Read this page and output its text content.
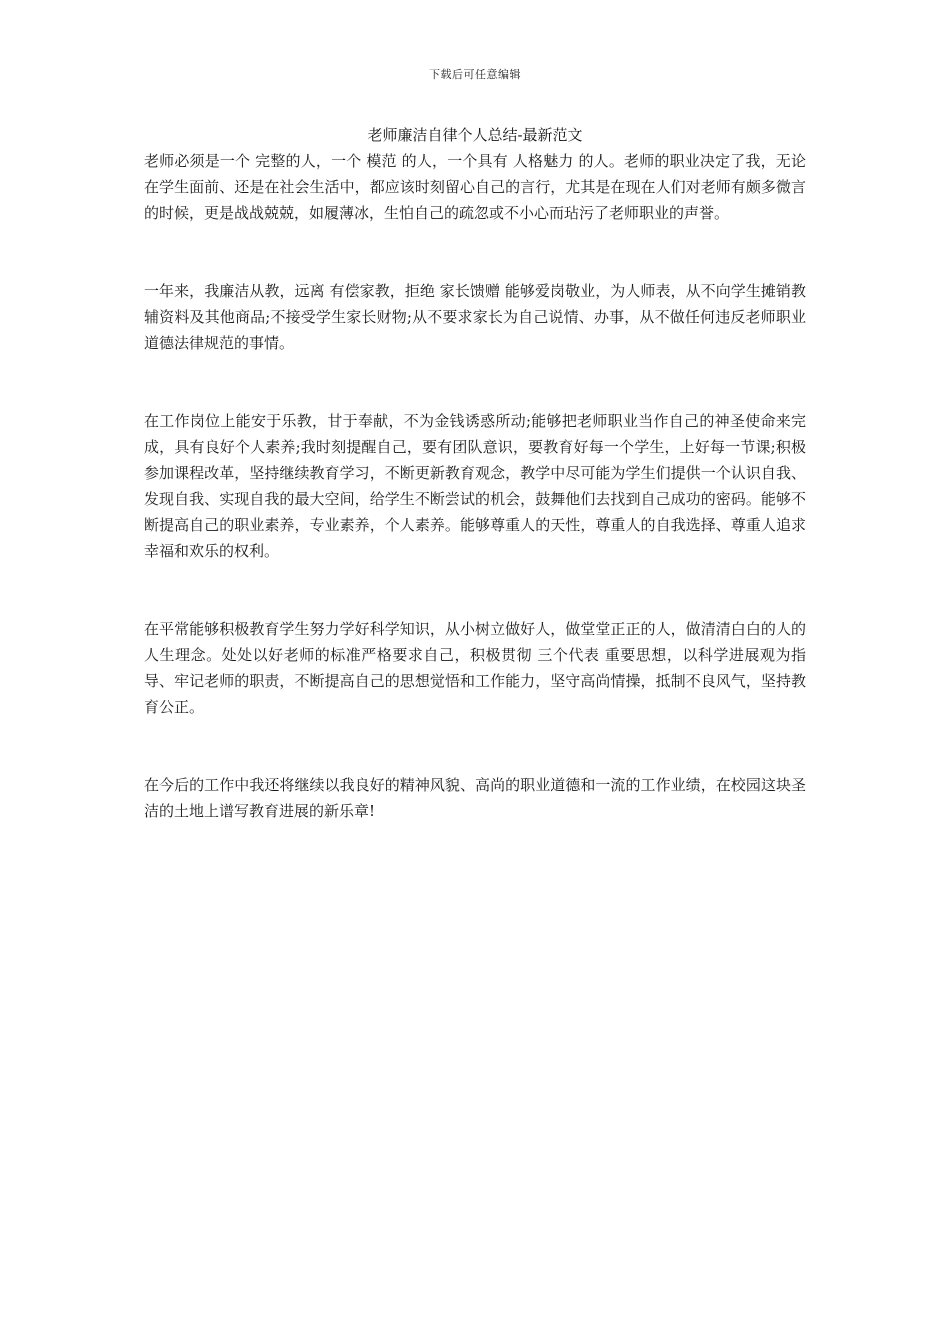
下载后可任意编辑
老师廉洁自律个人总结-最新范文

老师必须是一个 完整的人，一个 模范 的人，一个具有 人格魅力 的人。老师的职业决定了我，无论在学生面前、还是在社会生活中，都应该时刻留心自己的言行，尤其是在现在人们对老师有颇多微言的时候，更是战战兢兢，如履薄冰，生怕自己的疏忽或不小心而玷污了老师职业的声誉。

一年来，我廉洁从教，远离 有偿家教，拒绝 家长馈赠 能够爱岗敬业，为人师表，从不向学生摊销教辅资料及其他商品;不接受学生家长财物;从不要求家长为自己说情、办事，从不做任何违反老师职业道德法律规范的事情。

在工作岗位上能安于乐教，甘于奉献，不为金钱诱惑所动;能够把老师职业当作自己的神圣使命来完成，具有良好个人素养;我时刻提醒自己，要有团队意识，要教育好每一个学生，上好每一节课;积极参加课程改革，坚持继续教育学习，不断更新教育观念，教学中尽可能为学生们提供一个认识自我、发现自我、实现自我的最大空间，给学生不断尝试的机会，鼓舞他们去找到自己成功的密码。能够不断提高自己的职业素养，专业素养，个人素养。能够尊重人的天性，尊重人的自我选择、尊重人追求幸福和欢乐的权利。

在平常能够积极教育学生努力学好科学知识，从小树立做好人，做堂堂正正的人，做清清白白的人的人生理念。处处以好老师的标准严格要求自己，积极贯彻 三个代表 重要思想，以科学进展观为指导、牢记老师的职责，不断提高自己的思想觉悟和工作能力，坚守高尚情操，抵制不良风气，坚持教育公正。

在今后的工作中我还将继续以我良好的精神风貌、高尚的职业道德和一流的工作业绩，在校园这块圣洁的土地上谱写教育进展的新乐章!
